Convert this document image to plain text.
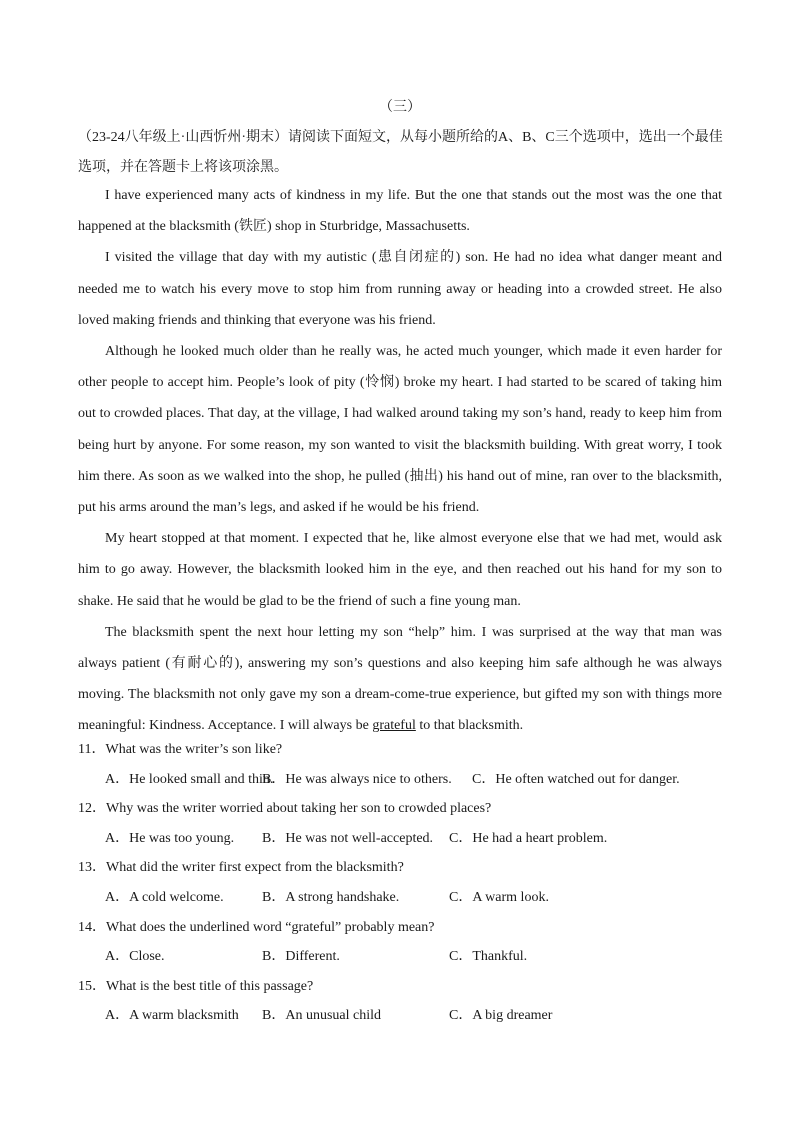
（三）
（23-24八年级上·山西忻州·期末）请阅读下面短文，从每小题所给的A、B、C三个选项中，选出一个最佳选项，并在答题卡上将该项涂黑。

I have experienced many acts of kindness in my life. But the one that stands out the most was the one that happened at the blacksmith (铁匠) shop in Sturbridge, Massachusetts.

I visited the village that day with my autistic (患自闭症的) son. He had no idea what danger meant and needed me to watch his every move to stop him from running away or heading into a crowded street. He also loved making friends and thinking that everyone was his friend.

Although he looked much older than he really was, he acted much younger, which made it even harder for other people to accept him. People’s look of pity (怜悯) broke my heart. I had started to be scared of taking him out to crowded places. That day, at the village, I had walked around taking my son’s hand, ready to keep him from being hurt by anyone. For some reason, my son wanted to visit the blacksmith building. With great worry, I took him there. As soon as we walked into the shop, he pulled (抽出) his hand out of mine, ran over to the blacksmith, put his arms around the man’s legs, and asked if he would be his friend.

My heart stopped at that moment. I expected that he, like almost everyone else that we had met, would ask him to go away. However, the blacksmith looked him in the eye, and then reached out his hand for my son to shake. He said that he would be glad to be the friend of such a fine young man.

The blacksmith spent the next hour letting my son “help” him. I was surprised at the way that man was always patient (有耐心的), answering my son’s questions and also keeping him safe although he was always moving. The blacksmith not only gave my son a dream-come-true experience, but gifted my son with things more meaningful: Kindness. Acceptance. I will always be grateful to that blacksmith.

11．What was the writer’s son like?
A．He looked small and thin.
B．He was always nice to others. C．He often watched out for danger.
12．Why was the writer worried about taking her son to crowded places?
A．He was too young. B．He was not well-accepted. C．He had a heart problem.
13．What did the writer first expect from the blacksmith?
A．A cold welcome.	B．A strong handshake.	C．A warm look.
14．What does the underlined word “grateful” probably mean?
A．Close.	B．Different.	C．Thankful.
15．What is the best title of this passage?
A．A warm blacksmith B．An unusual child	C．A big dreamer
